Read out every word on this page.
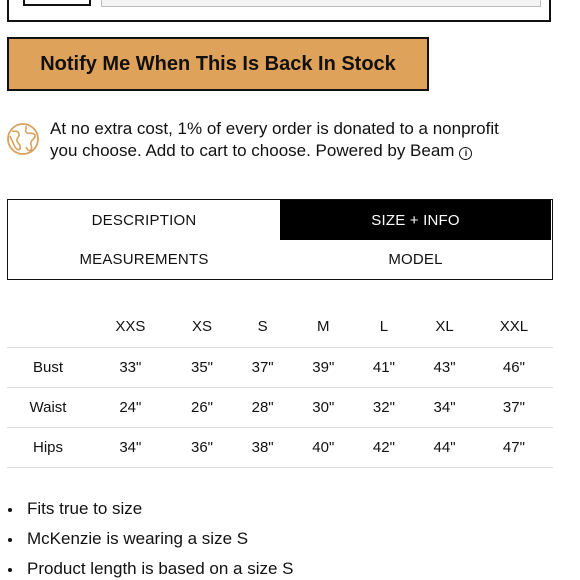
Notify Me When This Is Back In Stock
At no extra cost, 1% of every order is donated to a nonprofit
you choose. Add to cart to choose. Powered by Beam i
DESCRIPTION	SIZE + INFO
MEASUREMENTS	MODEL
	XXS	XS	S	M	L	XL	XXL
Bust	33"	35"	37"	39"	41"	43"	46"
Waist	24"	26"	28"	30"	32"	34"	37"
Hips	34"	36"	38"	40"	42"	44"	47"
Fits true to size
McKenzie is wearing a size S
Product length is based on a size S
